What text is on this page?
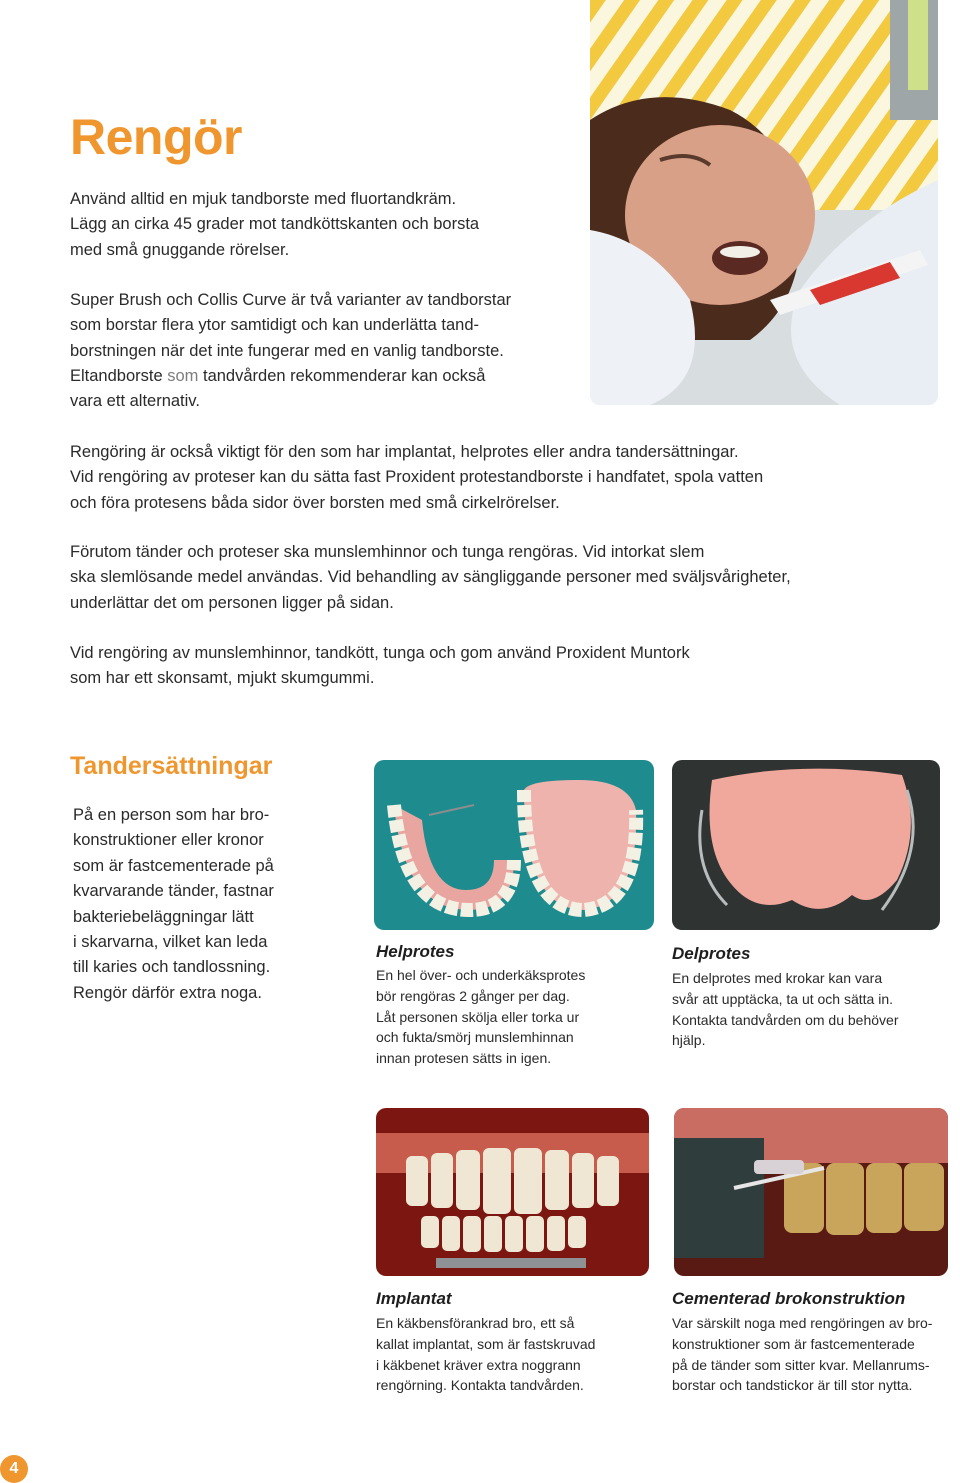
Rengör

Använd alltid en mjuk tandborste med fluortandkräm.
Lägg an cirka 45 grader mot tandköttskanten och borsta
med små gnuggande rörelser.

Super Brush och Collis Curve är två varianter av tandborstar
som borstar flera ytor samtidigt och kan underlätta tand-
borstningen när det inte fungerar med en vanlig tandborste.
Eltandborste som tandvården rekommenderar kan också
vara ett alternativ.

Rengöring är också viktigt för den som har implantat, helprotes eller andra tandersättningar.
Vid rengöring av proteser kan du sätta fast Proxident protestandborste i handfatet, spola vatten
och föra protesens båda sidor över borsten med små cirkelrörelser.

Förutom tänder och proteser ska munslemhinnor och tunga rengöras. Vid intorkat slem
ska slemlösande medel användas. Vid behandling av sängliggande personer med sväljsvårigheter,
underlättar det om personen ligger på sidan.

Vid rengöring av munslemhinnor, tandkött, tunga och gom använd Proxident Muntork
som har ett skonsamt, mjukt skumgummi.

Tandersättningar

På en person som har bro-
konstruktioner eller kronor
som är fastcementerade på
kvarvarande tänder, fastnar
bakteriebeläggningar lätt
i skarvarna, vilket kan leda
till karies och tandlossning.
Rengör därför extra noga.

Helprotes

En hel över- och underkäksprotes
bör rengöras 2 gånger per dag.
Låt personen skölja eller torka ur
och fukta/smörj munslemhinnan
innan protesen sätts in igen.

Delprotes

En delprotes med krokar kan vara
svår att upptäcka, ta ut och sätta in.
Kontakta tandvården om du behöver
hjälp.

Implantat

En käkbensförankrad bro, ett så
kallat implantat, som är fastskruvad
i käkbenet kräver extra noggrann
rengörning. Kontakta tandvården.

Cementerad brokonstruktion

Var särskilt noga med rengöringen av bro-
konstruktioner som är fastcementerade
på de tänder som sitter kvar. Mellanrums-
borstar och tandstickor är till stor nytta.

4
